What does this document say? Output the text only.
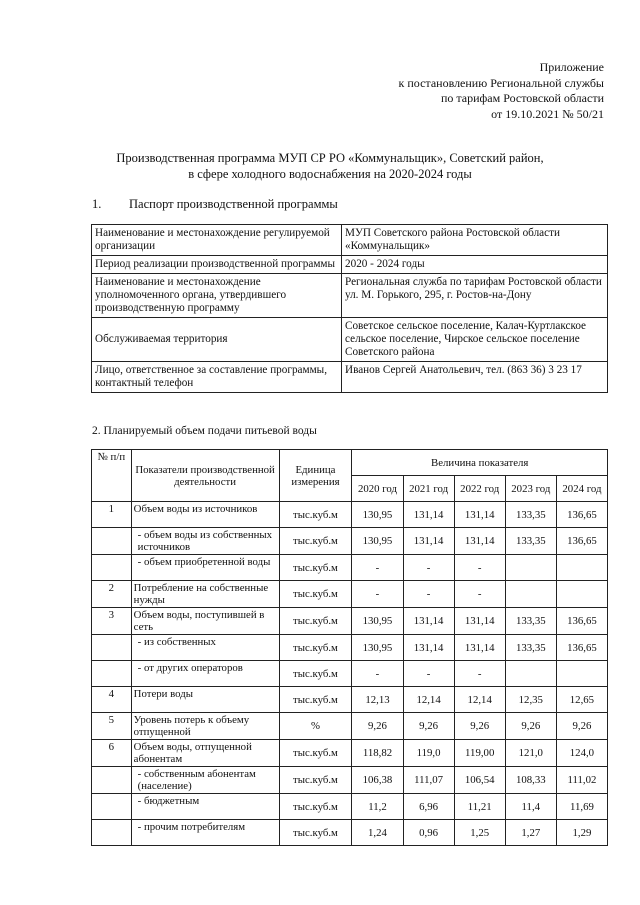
Приложение
к постановлению Региональной службы
по тарифам Ростовской области
от 19.10.2021 № 50/21
Производственная программа МУП СР РО «Коммунальщик», Советский район,
в сфере холодного водоснабжения на 2020-2024 годы
1. Паспорт производственной программы
Наименование и местонахождение регулируемой организации	МУП Советского района Ростовской области «Коммунальщик»
Период реализации производственной программы	2020 - 2024 годы
Наименование и местонахождение уполномоченного органа, утвердившего производственную программу	Региональная служба по тарифам Ростовской области ул. М. Горького, 295, г. Ростов-на-Дону
Обслуживаемая территория	Советское сельское поселение, Калач-Куртлакское сельское поселение, Чирское сельское поселение Советского района
Лицо, ответственное за составление программы, контактный телефон	Иванов Сергей Анатольевич, тел. (863 36) 3 23 17
2. Планируемый объем подачи питьевой воды
№ п/п	Показатели производственной деятельности	Единица измерения	Величина показателя				
			2020 год	2021 год	2022 год	2023 год	2024 год
1	Объем воды из источников	тыс.куб.м	130,95	131,14	131,14	133,35	136,65
	- объем воды из собственных источников	тыс.куб.м	130,95	131,14	131,14	133,35	136,65
	- объем приобретенной воды	тыс.куб.м	-	-	-		
2	Потребление на собственные нужды	тыс.куб.м	-	-	-		
3	Объем воды, поступившей в сеть	тыс.куб.м	130,95	131,14	131,14	133,35	136,65
	- из собственных	тыс.куб.м	130,95	131,14	131,14	133,35	136,65
	- от других операторов	тыс.куб.м	-	-	-		
4	Потери воды	тыс.куб.м	12,13	12,14	12,14	12,35	12,65
5	Уровень потерь к объему отпущенной	%	9,26	9,26	9,26	9,26	9,26
6	Объем воды, отпущенной абонентам	тыс.куб.м	118,82	119,0	119,00	121,0	124,0
	- собственным абонентам (население)	тыс.куб.м	106,38	111,07	106,54	108,33	111,02
	- бюджетным	тыс.куб.м	11,2	6,96	11,21	11,4	11,69
	- прочим потребителям	тыс.куб.м	1,24	0,96	1,25	1,27	1,29
